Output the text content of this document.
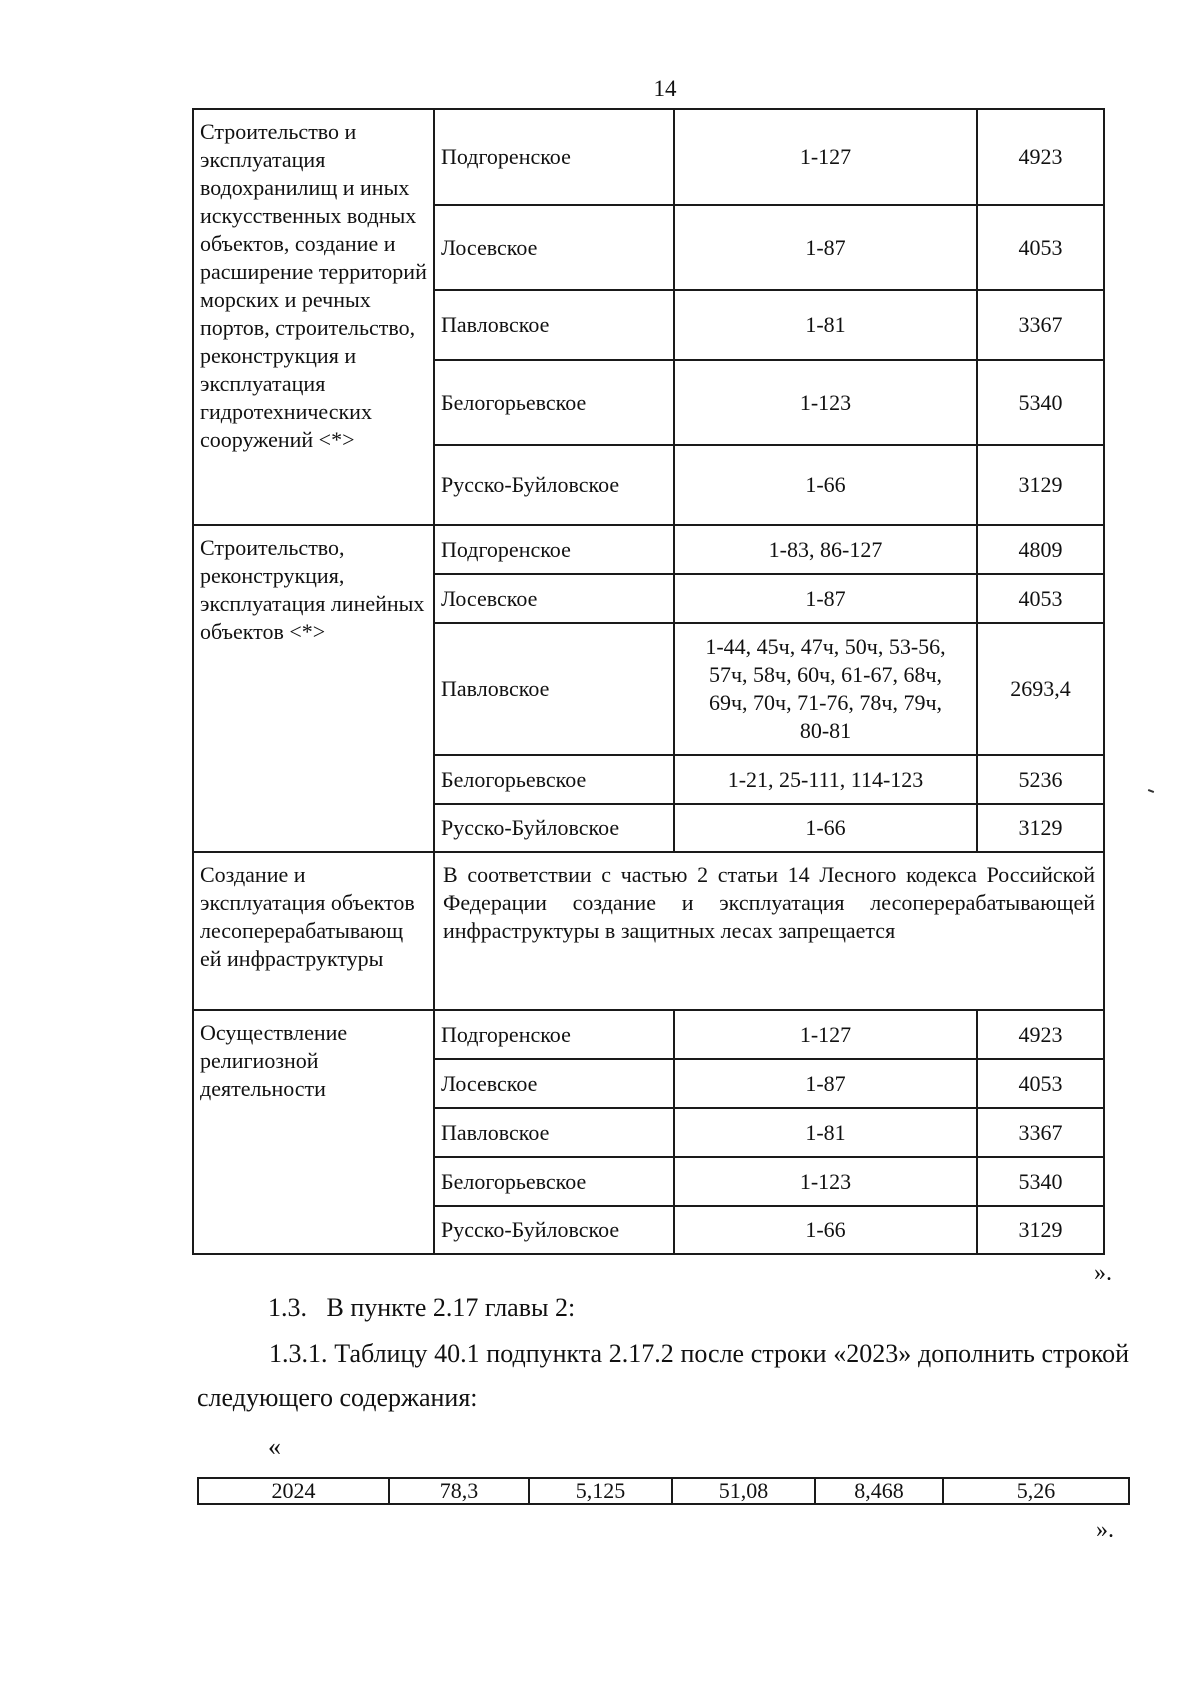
14
Строительство и эксплуатация водохранилищ и иных искусственных водных объектов, создание и расширение территорий морских и речных портов, строительство, реконструкция и эксплуатация гидротехнических сооружений <*>	Подгоренское	1-127	4923
	Лосевское	1-87	4053
	Павловское	1-81	3367
	Белогорьевское	1-123	5340
	Русско-Буйловское	1-66	3129
Строительство, реконструкция, эксплуатация линейных объектов <*>	Подгоренское	1-83, 86-127	4809
	Лосевское	1-87	4053
	Павловское	1-44, 45ч, 47ч, 50ч, 53-56, 57ч, 58ч, 60ч, 61-67, 68ч, 69ч, 70ч, 71-76, 78ч, 79ч, 80-81	2693,4
	Белогорьевское	1-21, 25-111, 114-123	5236
	Русско-Буйловское	1-66	3129
Создание и эксплуатация объектов лесоперерабатывающ ей инфраструктуры	В соответствии с частью 2 статьи 14 Лесного кодекса Российской Федерации создание и эксплуатация лесоперерабатывающей инфраструктуры в защитных лесах запрещается		
Осуществление религиозной деятельности	Подгоренское	1-127	4923
	Лосевское	1-87	4053
	Павловское	1-81	3367
	Белогорьевское	1-123	5340
	Русско-Буйловское	1-66	3129
».
1.3.   В пункте 2.17 главы 2:
1.3.1. Таблицу 40.1 подпункта 2.17.2 после строки «2023» дополнить строкой следующего содержания:
«
2024	78,3	5,125	51,08	8,468	5,26
».
